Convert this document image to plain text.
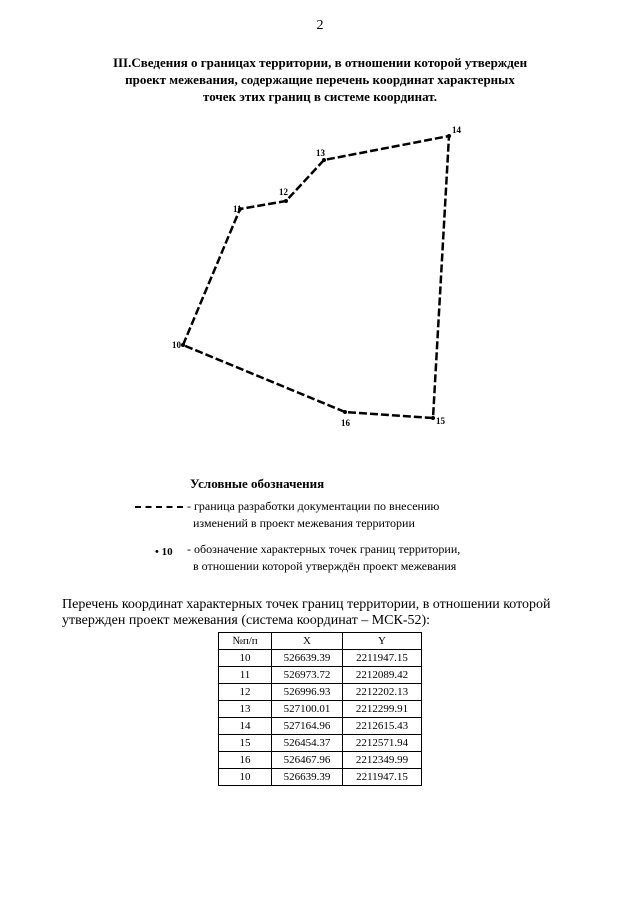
2
III.Сведения о границах территории, в отношении которой утвержден
проект межевания, содержащие перечень координат характерных
точек этих границ в системе координат.
10
11
12
13
14
15
16
Условные обозначения
- граница разработки документации по внесению
изменений в проект межевания территории
• 10 - обозначение характерных точек границ территории,
в отношении которой утверждён проект межевания
Перечень координат характерных точек границ территории, в отношении которой
утвержден проект межевания (система координат – МСК-52):
№п/п	X	Y
10	526639.39	2211947.15
11	526973.72	2212089.42
12	526996.93	2212202.13
13	527100.01	2212299.91
14	527164.96	2212615.43
15	526454.37	2212571.94
16	526467.96	2212349.99
10	526639.39	2211947.15
